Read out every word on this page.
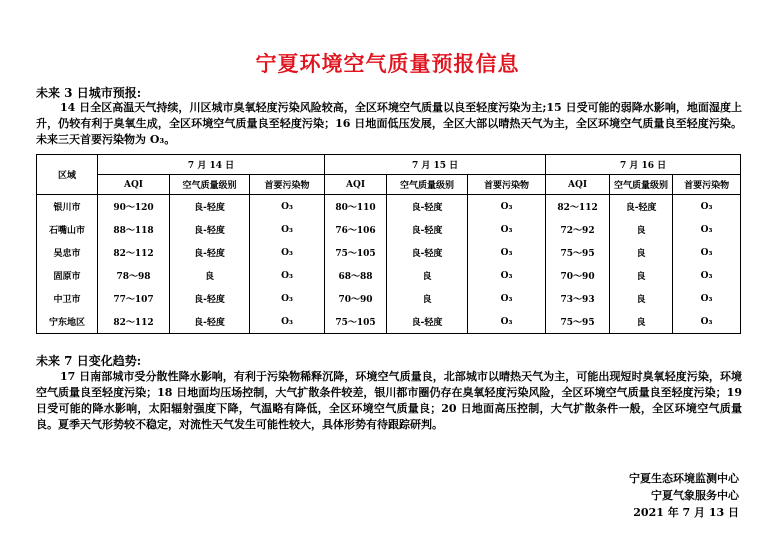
宁夏环境空气质量预报信息
未来 3 日城市预报:

14 日全区高温天气持续，川区城市臭氧轻度污染风险较高，全区环境空气质量以良至轻度污染为主;15 日受可能的弱降水影响，地面湿度上升，仍较有利于臭氧生成，全区环境空气质量良至轻度污染；16 日地面低压发展，全区大部以晴热天气为主，全区环境空气质量良至轻度污染。未来三天首要污染物为 O₃。

区域	7 月 14 日			7 月 15 日			7 月 16 日		
	AQI	空气质量级别	首要污染物	AQI	空气质量级别	首要污染物	AQI	空气质量级别	首要污染物
银川市	90～120	良-轻度	O₃	80～110	良-轻度	O₃	82～112	良-轻度	O₃
石嘴山市	88～118	良-轻度	O₃	76～106	良-轻度	O₃	72～92	良	O₃
吴忠市	82～112	良-轻度	O₃	75～105	良-轻度	O₃	75～95	良	O₃
固原市	78～98	良	O₃	68～88	良	O₃	70～90	良	O₃
中卫市	77～107	良-轻度	O₃	70～90	良	O₃	73～93	良	O₃
宁东地区	82～112	良-轻度	O₃	75～105	良-轻度	O₃	75～95	良	O₃
未来 7 日变化趋势:

17 日南部城市受分散性降水影响，有利于污染物稀释沉降，环境空气质量良，北部城市以晴热天气为主，可能出现短时臭氧轻度污染，环境空气质量良至轻度污染；18 日地面均压场控制，大气扩散条件较差，银川都市圈仍存在臭氧轻度污染风险，全区环境空气质量良至轻度污染；19 日受可能的降水影响，太阳辐射强度下降，气温略有降低，全区环境空气质量良；20 日地面高压控制，大气扩散条件一般，全区环境空气质量良。夏季天气形势较不稳定，对流性天气发生可能性较大，具体形势有待跟踪研判。

宁夏生态环境监测中心
宁夏气象服务中心
2021 年 7 月 13 日
